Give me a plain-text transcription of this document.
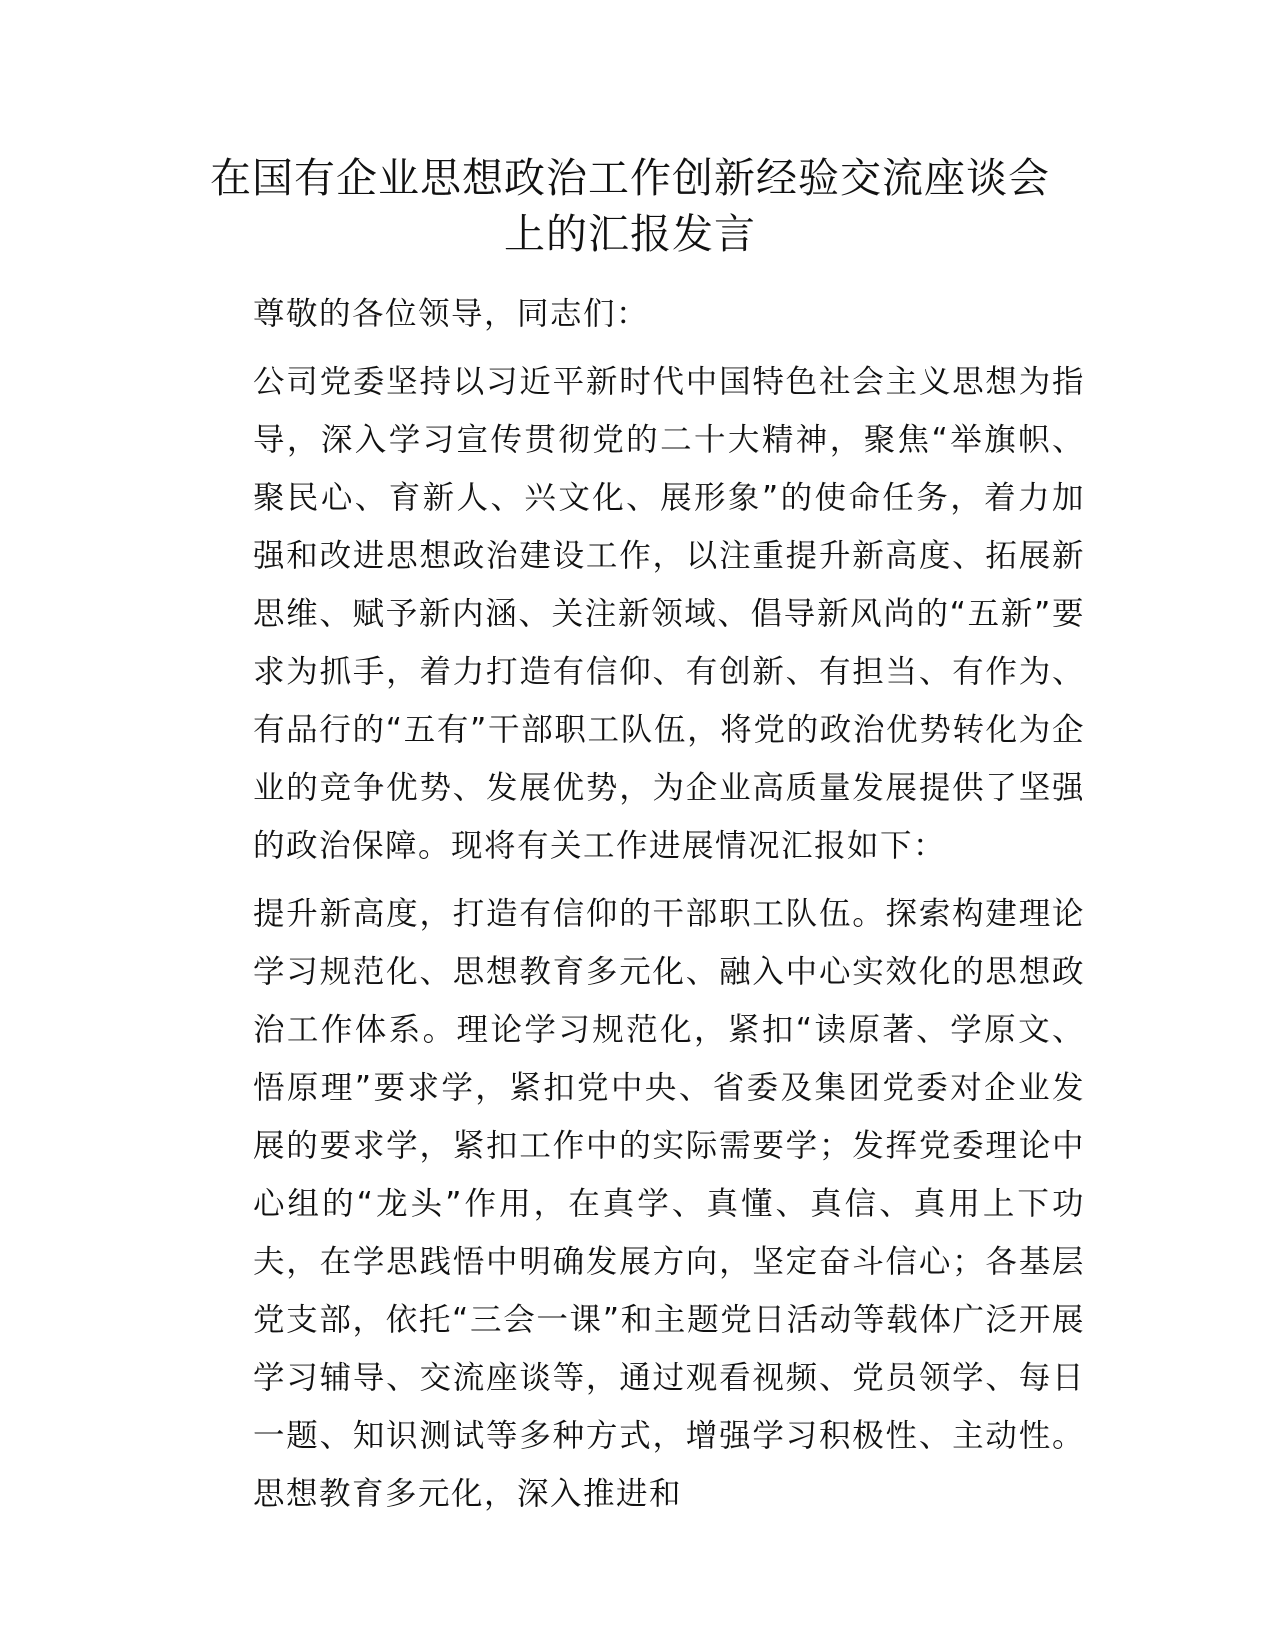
在国有企业思想政治工作创新经验交流座谈会
上的汇报发言

尊敬的各位领导，同志们：

公司党委坚持以习近平新时代中国特色社会主义思想为指导，深入学习宣传贯彻党的二十大精神，聚焦“举旗帜、聚民心、育新人、兴文化、展形象”的使命任务，着力加强和改进思想政治建设工作，以注重提升新高度、拓展新思维、赋予新内涵、关注新领域、倡导新风尚的“五新”要求为抓手，着力打造有信仰、有创新、有担当、有作为、有品行的“五有”干部职工队伍，将党的政治优势转化为企业的竞争优势、发展优势，为企业高质量发展提供了坚强的政治保障。现将有关工作进展情况汇报如下：

提升新高度，打造有信仰的干部职工队伍。探索构建理论学习规范化、思想教育多元化、融入中心实效化的思想政治工作体系。理论学习规范化，紧扣“读原著、学原文、悟原理”要求学，紧扣党中央、省委及集团党委对企业发展的要求学，紧扣工作中的实际需要学；发挥党委理论中心组的“龙头”作用，在真学、真懂、真信、真用上下功夫，在学思践悟中明确发展方向，坚定奋斗信心；各基层党支部，依托“三会一课”和主题党日活动等载体广泛开展学习辅导、交流座谈等，通过观看视频、党员领学、每日一题、知识测试等多种方式，增强学习积极性、主动性。思想教育多元化，深入推进和
